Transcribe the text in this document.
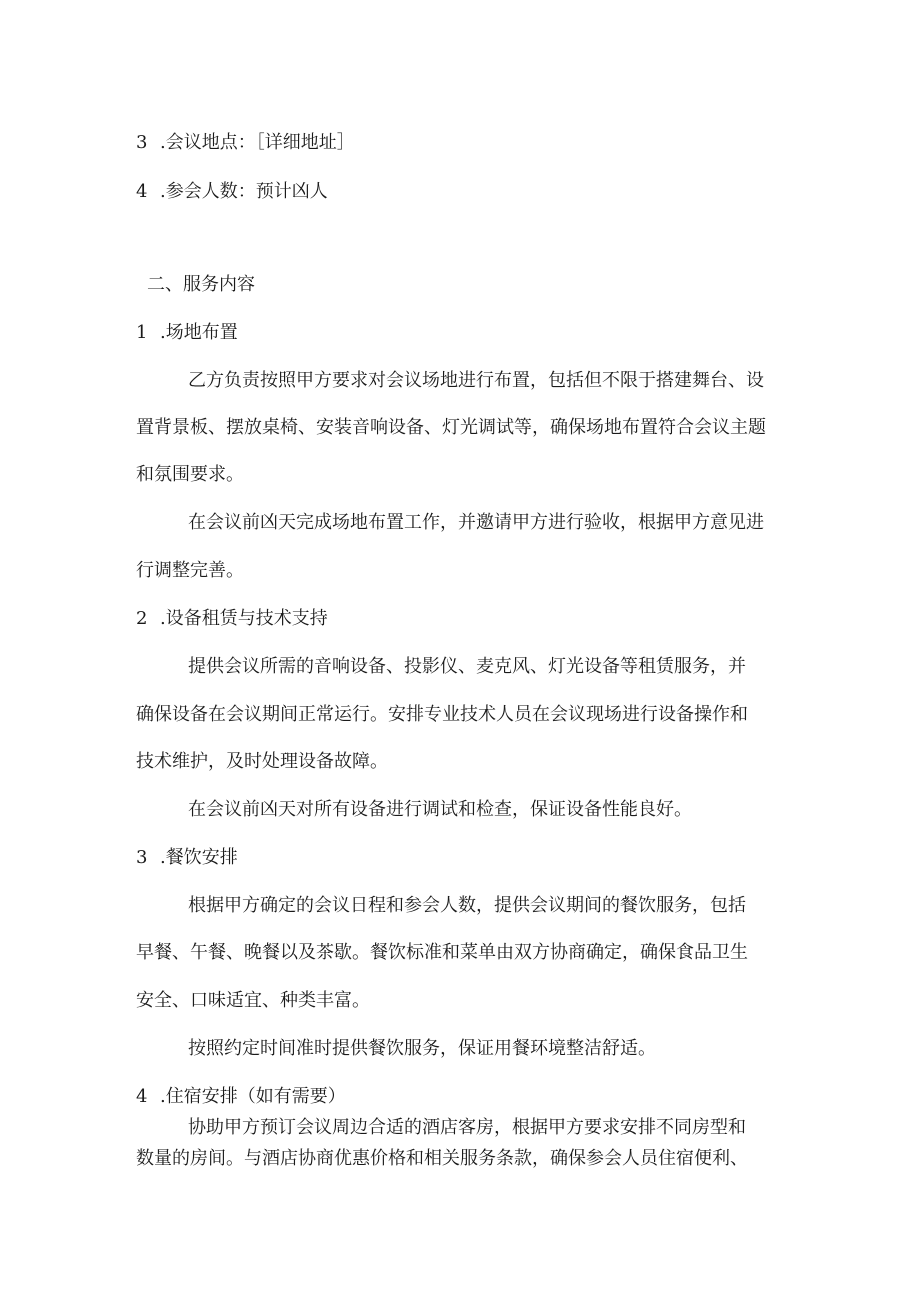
3 .会议地点：［详细地址］

4 .参会人数：预计凶人

二、服务内容

1 .场地布置

乙方负责按照甲方要求对会议场地进行布置，包括但不限于搭建舞台、设

置背景板、摆放桌椅、安装音响设备、灯光调试等，确保场地布置符合会议主题

和氛围要求。

在会议前凶天完成场地布置工作，并邀请甲方进行验收，根据甲方意见进

行调整完善。

2 .设备租赁与技术支持

提供会议所需的音响设备、投影仪、麦克风、灯光设备等租赁服务，并

确保设备在会议期间正常运行。安排专业技术人员在会议现场进行设备操作和

技术维护，及时处理设备故障。

在会议前凶天对所有设备进行调试和检查，保证设备性能良好。

3 .餐饮安排

根据甲方确定的会议日程和参会人数，提供会议期间的餐饮服务，包括

早餐、午餐、晚餐以及茶歇。餐饮标准和菜单由双方协商确定，确保食品卫生

安全、口味适宜、种类丰富。

按照约定时间准时提供餐饮服务，保证用餐环境整洁舒适。

4 .住宿安排（如有需要）

协助甲方预订会议周边合适的酒店客房，根据甲方要求安排不同房型和

数量的房间。与酒店协商优惠价格和相关服务条款，确保参会人员住宿便利、
